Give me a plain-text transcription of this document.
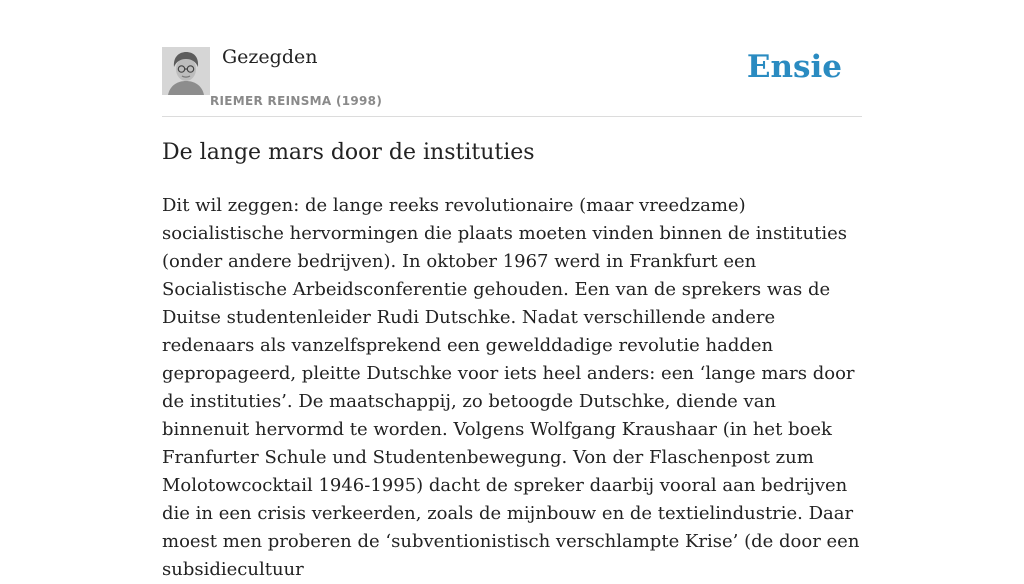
Gezegden
RIEMER REINSMA (1998)
Ensie
De lange mars door de instituties

Dit wil zeggen: de lange reeks revolutionaire (maar vreedzame) socialistische hervormingen die plaats moeten vinden binnen de instituties (onder andere bedrijven). In oktober 1967 werd in Frankfurt een Socialistische Arbeidsconferentie gehouden. Een van de sprekers was de Duitse studentenleider Rudi Dutschke. Nadat verschillende andere redenaars als vanzelfsprekend een gewelddadige revolutie hadden gepropageerd, pleitte Dutschke voor iets heel anders: een ‘lange mars door de instituties’. De maatschappij, zo betoogde Dutschke, diende van binnenuit hervormd te worden. Volgens Wolfgang Kraushaar (in het boek Franfurter Schule und Studentenbewegung. Von der Flaschenpost zum Molotowcocktail 1946-1995) dacht de spreker daarbij vooral aan bedrijven die in een crisis verkeerden, zoals de mijnbouw en de textielindustrie. Daar moest men proberen de ‘subventionistisch verschlampte Krise’ (de door een subsidiecultuur
